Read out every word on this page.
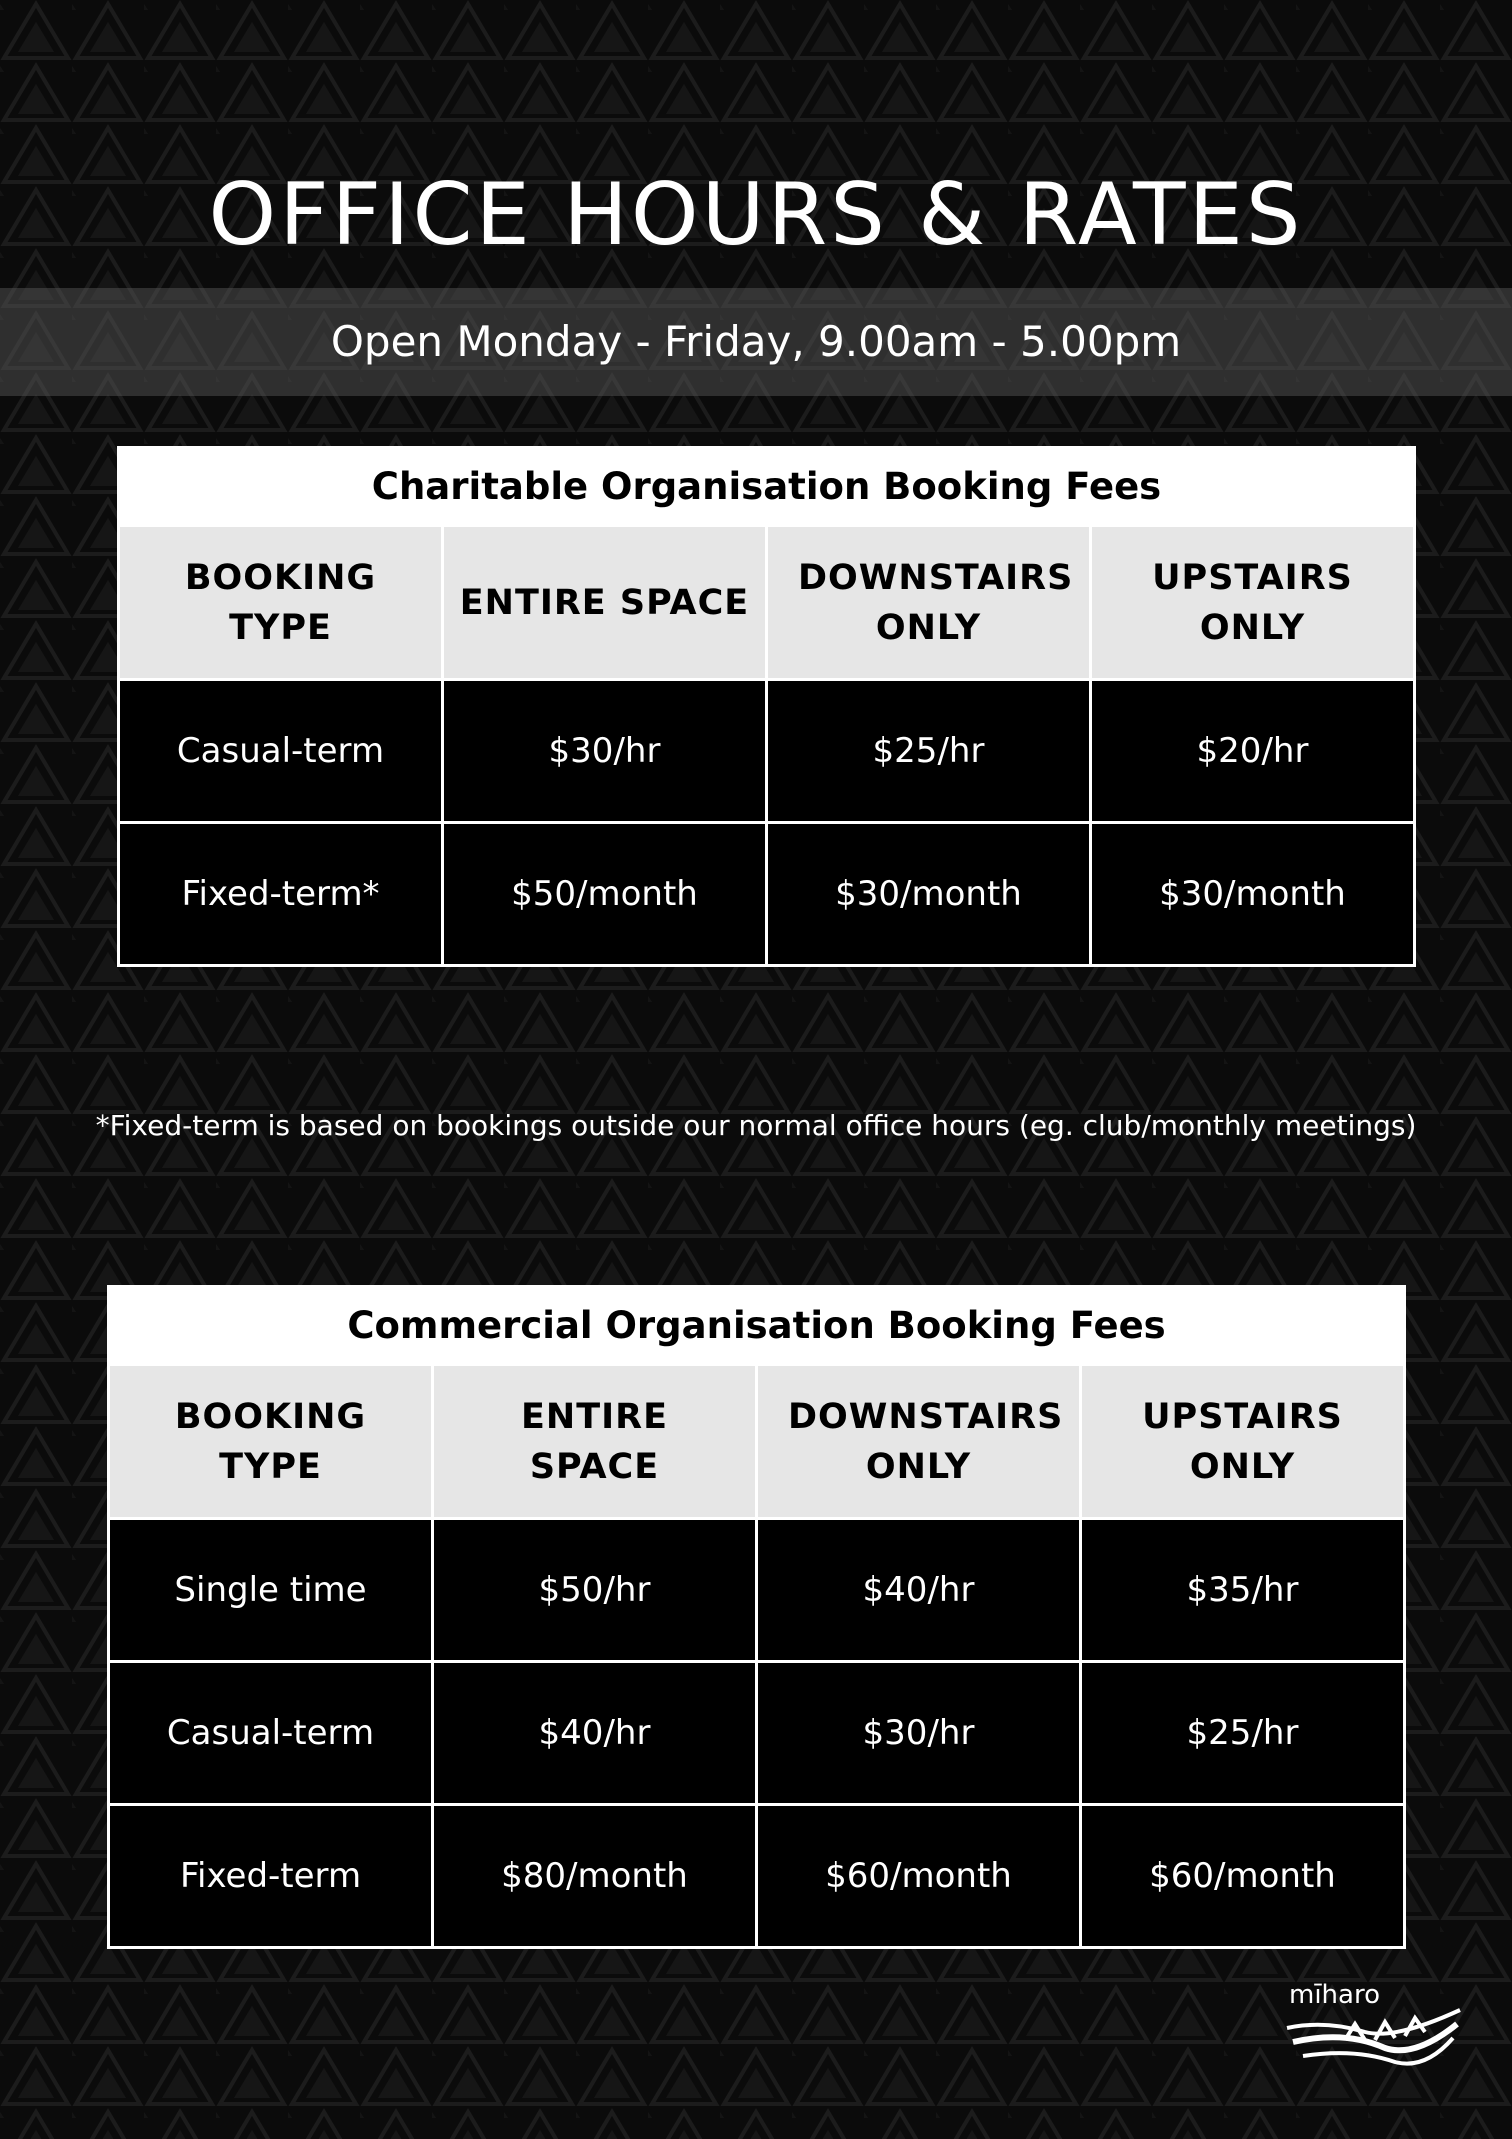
OFFICE HOURS & RATES
Open Monday - Friday, 9.00am - 5.00pm
Charitable Organisation Booking Fees			
BOOKING TYPE	ENTIRE SPACE	DOWNSTAIRS ONLY	UPSTAIRS ONLY
Casual-term	$30/hr	$25/hr	$20/hr
Fixed-term*	$50/month	$30/month	$30/month
*Fixed-term is based on bookings outside our normal office hours (eg. club/monthly meetings)
Commercial Organisation Booking Fees			
BOOKING TYPE	ENTIRE SPACE	DOWNSTAIRS ONLY	UPSTAIRS ONLY
Single time	$50/hr	$40/hr	$35/hr
Casual-term	$40/hr	$30/hr	$25/hr
Fixed-term	$80/month	$60/month	$60/month
mīharo
